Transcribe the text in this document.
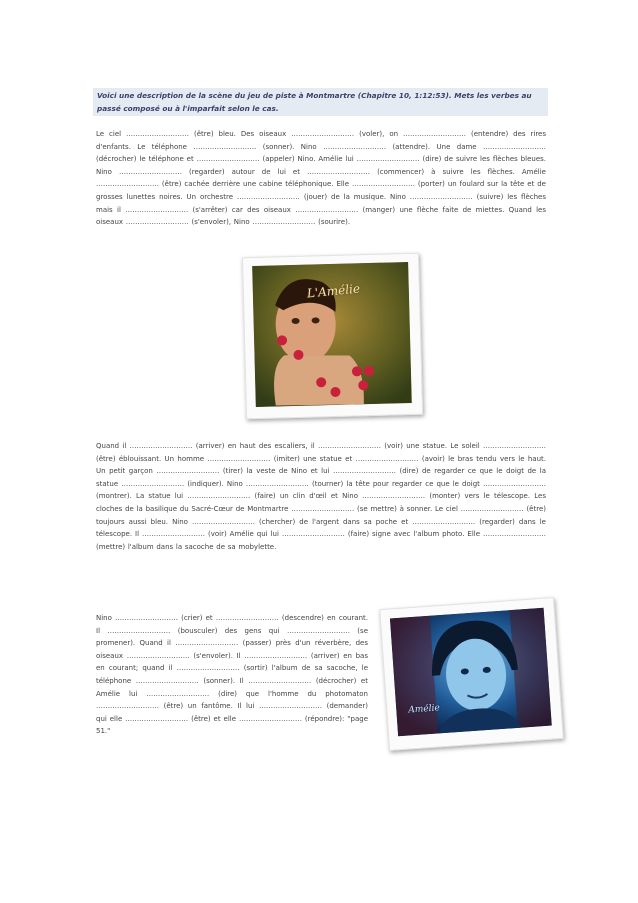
Voici une description de la scène du jeu de piste à Montmartre (Chapitre 10, 1:12:53). Mets les verbes au passé composé ou à l'imparfait selon le cas.

Le ciel ……………………… (être) bleu. Des oiseaux ……………………… (voler), on ……………………… (entendre) des rires d'enfants. Le téléphone ……………………… (sonner). Nino ……………………… (attendre). Une dame ……………………… (décrocher) le téléphone et ……………………… (appeler) Nino. Amélie lui ……………………… (dire) de suivre les flèches bleues. Nino ……………………… (regarder) autour de lui et ……………………… (commencer) à suivre les flèches. Amélie ……………………… (être) cachée derrière une cabine téléphonique. Elle ……………………… (porter) un foulard sur la tête et de grosses lunettes noires. Un orchestre ……………………… (jouer) de la musique. Nino ……………………… (suivre) les flèches mais il ……………………… (s'arrêter) car des oiseaux ……………………… (manger) une flèche faite de miettes. Quand les oiseaux ……………………… (s'envoler), Nino ……………………… (sourire).

L'Amélie

Quand il ……………………… (arriver) en haut des escaliers, il ……………………… (voir) une statue. Le soleil ……………………… (être) éblouissant. Un homme ……………………… (imiter) une statue et ……………………… (avoir) le bras tendu vers le haut. Un petit garçon ……………………… (tirer) la veste de Nino et lui ……………………… (dire) de regarder ce que le doigt de la statue ……………………… (indiquer). Nino ……………………… (tourner) la tête pour regarder ce que le doigt ……………………… (montrer). La statue lui ……………………… (faire) un clin d'œil et Nino ……………………… (monter) vers le télescope. Les cloches de la basilique du Sacré-Cœur de Montmartre ……………………… (se mettre) à sonner. Le ciel ……………………… (être) toujours aussi bleu. Nino ……………………… (chercher) de l'argent dans sa poche et ……………………… (regarder) dans le télescope. Il ……………………… (voir) Amélie qui lui ……………………… (faire) signe avec l'album photo. Elle ……………………… (mettre) l'album dans la sacoche de sa mobylette.

Nino ……………………… (crier) et ……………………… (descendre) en courant. Il ……………………… (bousculer) des gens qui ……………………… (se promener). Quand il ……………………… (passer) près d'un réverbère, des oiseaux ……………………… (s'envoler). Il ……………………… (arriver) en bas en courant; quand il ……………………… (sortir) l'album de sa sacoche, le téléphone ……………………… (sonner). Il ……………………… (décrocher) et Amélie lui ……………………… (dire) que l'homme du photomaton ……………………… (être) un fantôme. Il lui ……………………… (demander) qui elle ……………………… (être) et elle ……………………… (répondre): "page 51."

Amélie
